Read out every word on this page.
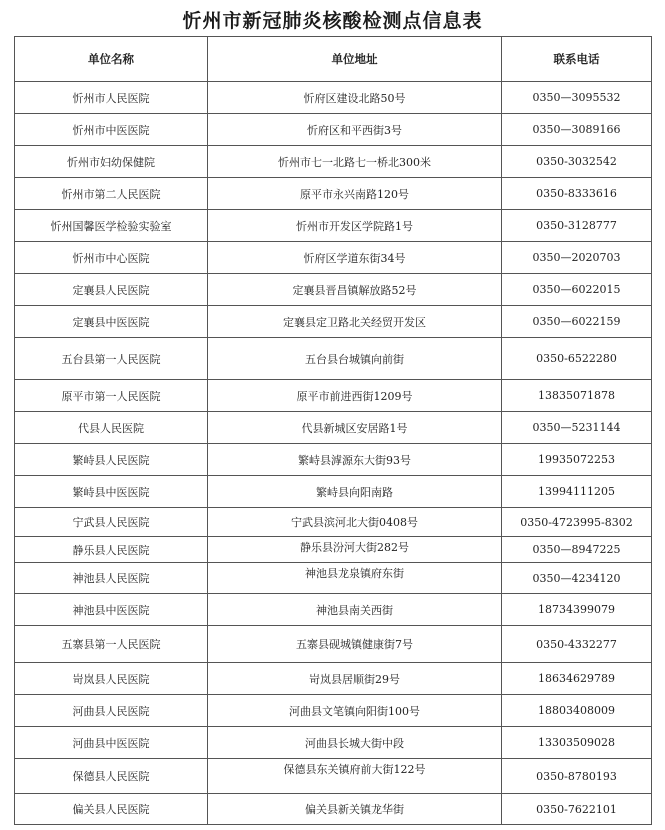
忻州市新冠肺炎核酸检测点信息表
单位名称	单位地址	联系电话
忻州市人民医院	忻府区建设北路50号	0350—3095532
忻州市中医医院	忻府区和平西街3号	0350—3089166
忻州市妇幼保健院	忻州市七一北路七一桥北300米	0350-3032542
忻州市第二人民医院	原平市永兴南路120号	0350-8333616
忻州国馨医学检验实验室	忻州市开发区学院路1号	0350-3128777
忻州市中心医院	忻府区学道东街34号	0350—2020703
定襄县人民医院	定襄县晋昌镇解放路52号	0350—6022015
定襄县中医医院	定襄县定卫路北关经贸开发区	0350—6022159
五台县第一人民医院	五台县台城镇向前街	0350-6522280
原平市第一人民医院	原平市前进西街1209号	13835071878
代县人民医院	代县新城区安居路1号	0350—5231144
繁峙县人民医院	繁峙县滹源东大街93号	19935072253
繁峙县中医医院	繁峙县向阳南路	13994111205
宁武县人民医院	宁武县滨河北大街0408号	0350-4723995-8302
静乐县人民医院	静乐县汾河大街282号	0350—8947225
神池县人民医院	神池县龙泉镇府东街	0350—4234120
神池县中医医院	神池县南关西街	18734399079
五寨县第一人民医院	五寨县砚城镇健康街7号	0350-4332277
岢岚县人民医院	岢岚县居顺街29号	18634629789
河曲县人民医院	河曲县文笔镇向阳街100号	18803408009
河曲县中医医院	河曲县长城大街中段	13303509028
保德县人民医院	保德县东关镇府前大街122号	0350-8780193
偏关县人民医院	偏关县新关镇龙华街	0350-7622101
